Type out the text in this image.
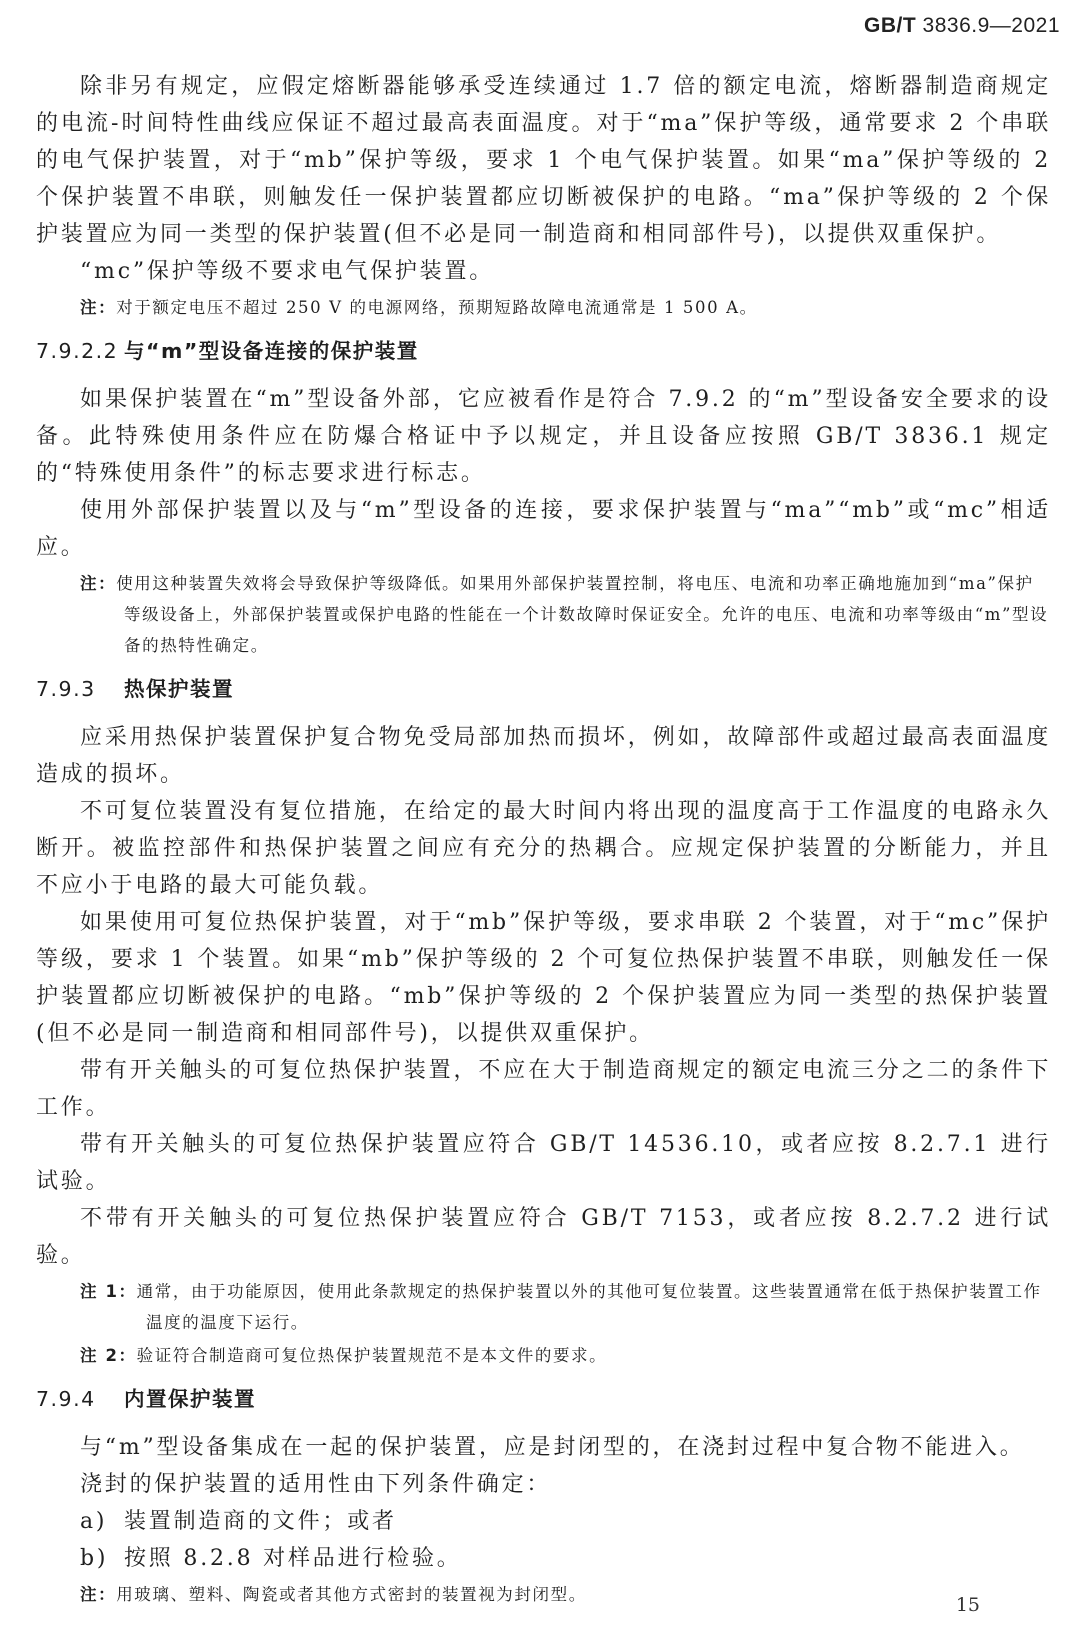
GB/T 3836.9—2021

除非另有规定，应假定熔断器能够承受连续通过 1.7 倍的额定电流，熔断器制造商规定的电流-时间特性曲线应保证不超过最高表面温度。对于“ma”保护等级，通常要求 2 个串联的电气保护装置，对于“mb”保护等级，要求 1 个电气保护装置。如果“ma”保护等级的 2 个保护装置不串联，则触发任一保护装置都应切断被保护的电路。“ma”保护等级的 2 个保护装置应为同一类型的保护装置(但不必是同一制造商和相同部件号)，以提供双重保护。

“mc”保护等级不要求电气保护装置。

注：对于额定电压不超过 250 V 的电源网络，预期短路故障电流通常是 1 500 A。

7.9.2.2 与“m”型设备连接的保护装置

如果保护装置在“m”型设备外部，它应被看作是符合 7.9.2 的“m”型设备安全要求的设备。此特殊使用条件应在防爆合格证中予以规定，并且设备应按照 GB/T 3836.1 规定的“特殊使用条件”的标志要求进行标志。

使用外部保护装置以及与“m”型设备的连接，要求保护装置与“ma”“mb”或“mc”相适应。

注：使用这种装置失效将会导致保护等级降低。如果用外部保护装置控制，将电压、电流和功率正确地施加到“ma”保护等级设备上，外部保护装置或保护电路的性能在一个计数故障时保证安全。允许的电压、电流和功率等级由“m”型设备的热特性确定。

7.9.3 热保护装置

应采用热保护装置保护复合物免受局部加热而损坏，例如，故障部件或超过最高表面温度造成的损坏。

不可复位装置没有复位措施，在给定的最大时间内将出现的温度高于工作温度的电路永久断开。被监控部件和热保护装置之间应有充分的热耦合。应规定保护装置的分断能力，并且不应小于电路的最大可能负载。

如果使用可复位热保护装置，对于“mb”保护等级，要求串联 2 个装置，对于“mc”保护等级，要求 1 个装置。如果“mb”保护等级的 2 个可复位热保护装置不串联，则触发任一保护装置都应切断被保护的电路。“mb”保护等级的 2 个保护装置应为同一类型的热保护装置(但不必是同一制造商和相同部件号)，以提供双重保护。

带有开关触头的可复位热保护装置，不应在大于制造商规定的额定电流三分之二的条件下工作。

带有开关触头的可复位热保护装置应符合 GB/T 14536.10，或者应按 8.2.7.1 进行试验。

不带有开关触头的可复位热保护装置应符合 GB/T 7153，或者应按 8.2.7.2 进行试验。

注 1：通常，由于功能原因，使用此条款规定的热保护装置以外的其他可复位装置。这些装置通常在低于热保护装置工作温度的温度下运行。

注 2：验证符合制造商可复位热保护装置规范不是本文件的要求。

7.9.4 内置保护装置

与“m”型设备集成在一起的保护装置，应是封闭型的，在浇封过程中复合物不能进入。

浇封的保护装置的适用性由下列条件确定：

a) 装置制造商的文件；或者
b) 按照 8.2.8 对样品进行检验。

注：用玻璃、塑料、陶瓷或者其他方式密封的装置视为封闭型。	15
